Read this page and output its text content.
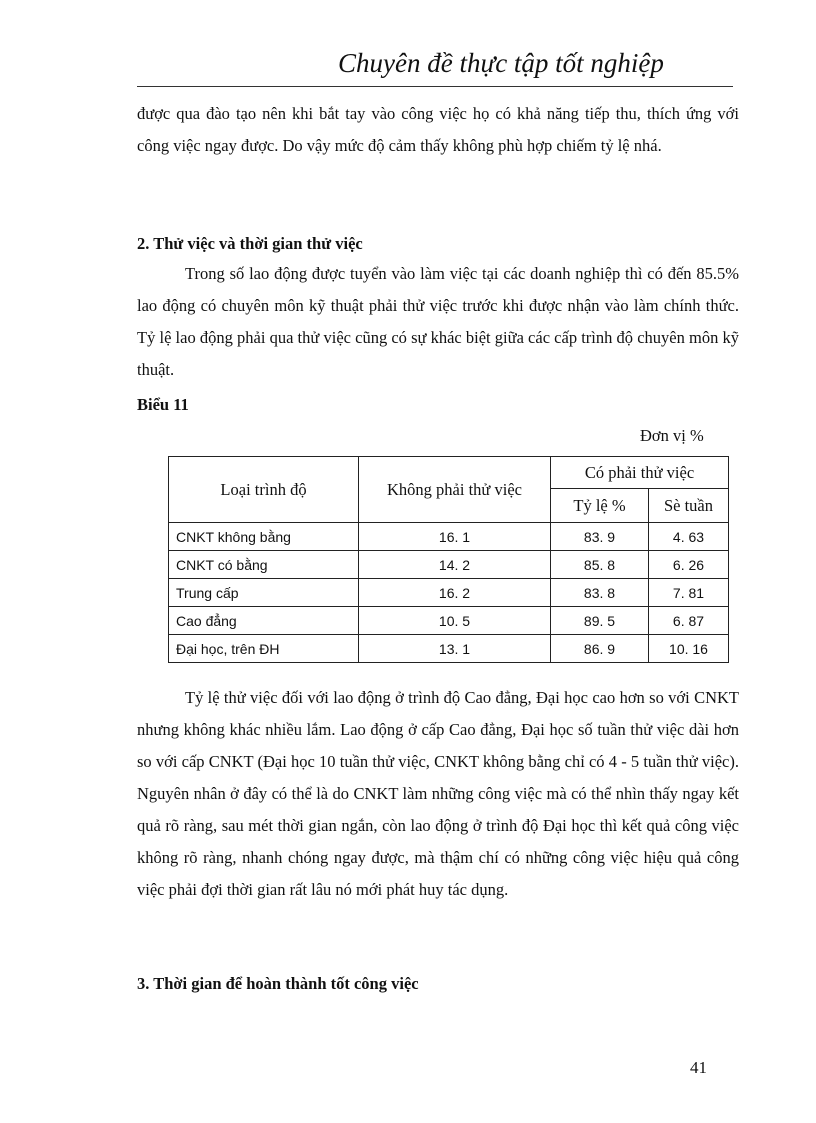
Chuyên đề thực tập tốt nghiệp

được qua đào tạo nên khi bắt tay vào công việc họ có khả năng tiếp thu, thích ứng với công việc ngay được. Do vậy mức độ cảm thấy không phù hợp chiếm tỷ lệ nhá.

2. Thử việc và thời gian thử việc

Trong số lao động được tuyển vào làm việc tại các doanh nghiệp thì có đến 85.5% lao động có chuyên môn kỹ thuật phải thử việc trước khi được nhận vào làm chính thức. Tỷ lệ lao động phải qua thử việc cũng có sự khác biệt giữa các cấp trình độ chuyên môn kỹ thuật.

Biểu 11
Đơn vị %
Loại trình độ	Không phải thử việc	Có phải thử việc	
		Tỷ lệ %	Sè tuần
CNKT không bằng	16. 1	83. 9	4. 63
CNKT có bằng	14. 2	85. 8	6. 26
Trung cấp	16. 2	83. 8	7. 81
Cao đẳng	10. 5	89. 5	6. 87
Đại học, trên ĐH	13. 1	86. 9	10. 16

Tỷ lệ thử việc đối với lao động ở trình độ Cao đẳng, Đại học cao hơn so với CNKT nhưng không khác nhiều lắm. Lao động ở cấp Cao đẳng, Đại học số tuần thử việc dài hơn so với cấp CNKT (Đại học 10 tuần thử việc, CNKT không bằng chỉ có 4 - 5 tuần thử việc). Nguyên nhân ở đây có thể là do CNKT làm những công việc mà có thể nhìn thấy ngay kết quả rõ ràng, sau mét thời gian ngắn, còn lao động ở trình độ Đại học thì kết quả công việc không rõ ràng, nhanh chóng ngay được, mà thậm chí có những công việc hiệu quả công việc phải đợi thời gian rất lâu nó mới phát huy tác dụng.

3. Thời gian để hoàn thành tốt công việc

41
